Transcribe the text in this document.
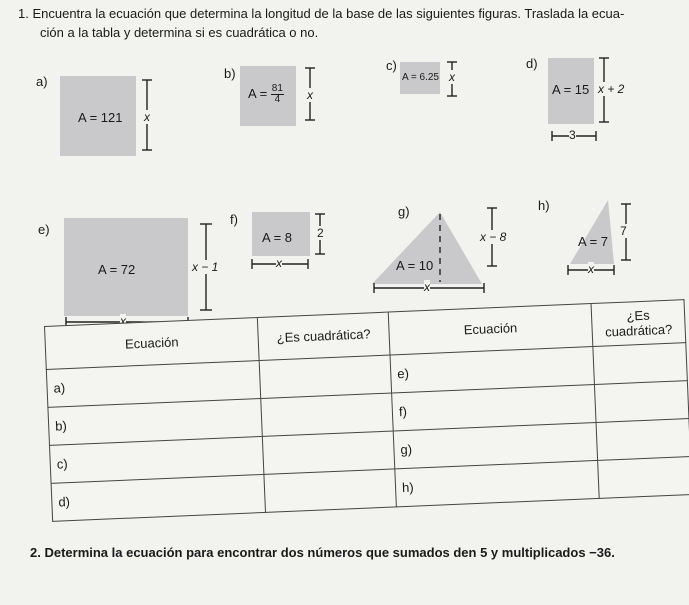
1. Encuentra la ecuación que determina la longitud de la base de las siguientes figuras. Traslada la ecua-
ción a la tabla y determina si es cuadrática o no.
a)
b)
c)	d)
e)
f)
g)	h)
A = 121
$A = \frac{81}{4}$
A = 6.25
A = 15
A = 72
A = 8
A = 10
A = 7
x
x
x
x + 2
3
x − 1
x
2
x
x − 8
x
7
x
Ecuación	¿Es cuadrática?	Ecuación	¿Es cuadrática?
a)		e)	
b)		f)	
c)		g)	
d)		h)	
2. Determina la ecuación para encontrar dos números que sumados den 5 y multiplicados −36.
